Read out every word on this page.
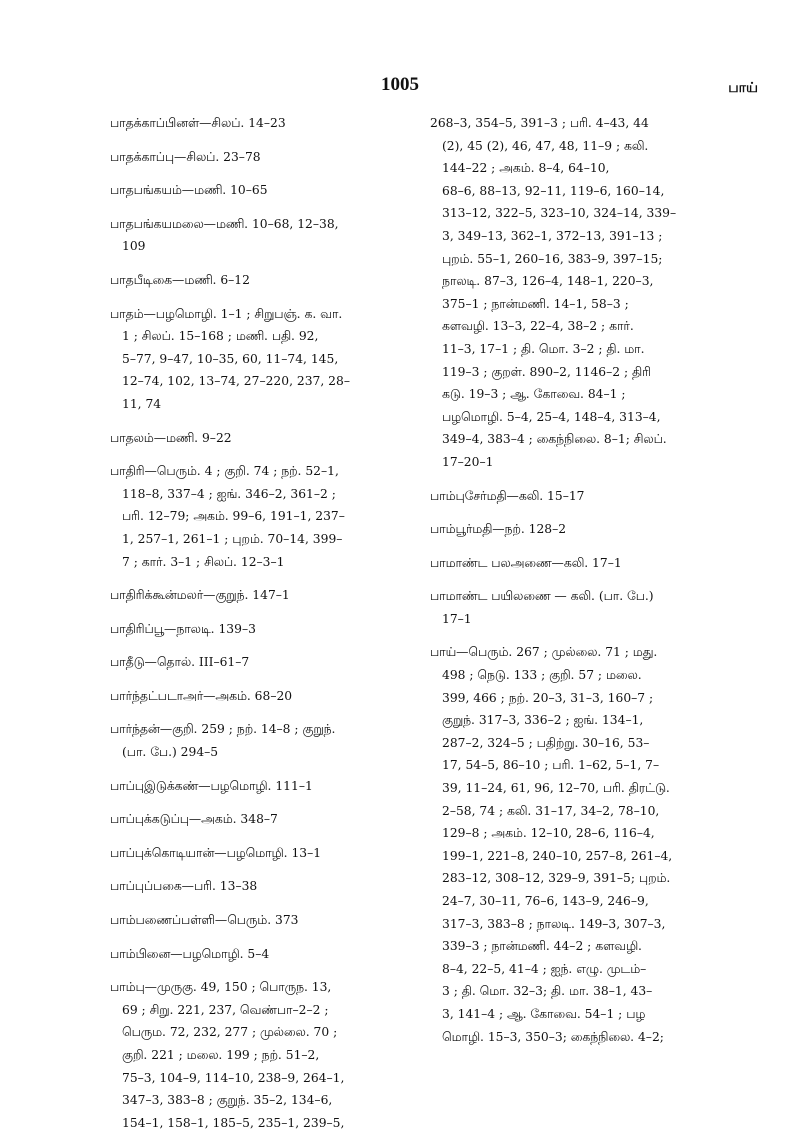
1005	பாய்
பாதக்காப்பினள்—சிலப். 14–23
பாதக்காப்பு—சிலப். 23–78
பாதபங்கயம்—மணி. 10–65
பாதபங்கயமலை—மணி. 10–68, 12–38,
109
பாதபீடிகை—மணி. 6–12
பாதம்—பழமொழி. 1–1 ; சிறுபஞ். க. வா.
1 ; சிலப். 15–168 ; மணி. பதி. 92,
5–77, 9–47, 10–35, 60, 11–74, 145,
12–74, 102, 13–74, 27–220, 237, 28–
11, 74
பாதலம்—மணி. 9–22
பாதிரி—பெரும். 4 ; குறி. 74 ; நற். 52–1,
118–8, 337–4 ; ஐங். 346–2, 361–2 ;
பரி. 12–79; அகம். 99–6, 191–1, 237–
1, 257–1, 261–1 ; புறம். 70–14, 399–
7 ; கார். 3–1 ; சிலப். 12–3–1
பாதிரிக்கூன்மலர்—குறுந். 147–1
பாதிரிப்பூ—நாலடி. 139–3
பாதீடு—தொல். III–61–7
பார்ந்தட்படாஅர்—அகம். 68–20
பார்ந்தன்—குறி. 259 ; நற். 14–8 ; குறுந்.
(பா. பே.) 294–5
பாப்புஇடுக்கண்—பழமொழி. 111–1
பாப்புக்கடுப்பு—அகம். 348–7
பாப்புக்கொடியான்—பழமொழி. 13–1
பாப்புப்பகை—பரி. 13–38
பாம்பணைப்பள்ளி—பெரும். 373
பாம்பினை—பழமொழி. 5–4
பாம்பு—முருகு. 49, 150 ; பொருந. 13,
69 ; சிறு. 221, 237, வெண்பா–2–2 ;
பெரும. 72, 232, 277 ; முல்லை. 70 ;
குறி. 221 ; மலை. 199 ; நற். 51–2,
75–3, 104–9, 114–10, 238–9, 264–1,
347–3, 383–8 ; குறுந். 35–2, 134–6,
154–1, 158–1, 185–5, 235–1, 239–5,
268–3, 354–5, 391–3 ; பரி. 4–43, 44
(2), 45 (2), 46, 47, 48, 11–9 ; கலி.
144–22 ; அகம். 8–4, 64–10,
68–6, 88–13, 92–11, 119–6, 160–14,
313–12, 322–5, 323–10, 324–14, 339–
3, 349–13, 362–1, 372–13, 391–13 ;
புறம். 55–1, 260–16, 383–9, 397–15;
நாலடி. 87–3, 126–4, 148–1, 220–3,
375–1 ; நான்மணி. 14–1, 58–3 ;
களவழி. 13–3, 22–4, 38–2 ; கார்.
11–3, 17–1 ; தி. மொ. 3–2 ; தி. மா.
119–3 ; குறள். 890–2, 1146–2 ; திரி
கடு. 19–3 ; ஆ. கோவை. 84–1 ;
பழமொழி. 5–4, 25–4, 148–4, 313–4,
349–4, 383–4 ; கைந்நிலை. 8–1; சிலப்.
17–20–1
பாம்புசேர்மதி—கலி. 15–17
பாம்பூர்மதி—நற். 128–2
பாமாண்ட பலஅணை—கலி. 17–1
பாமாண்ட பயிலணை — கலி. (பா. பே.)
17–1
பாய்—பெரும். 267 ; முல்லை. 71 ; மது.
498 ; நெடு. 133 ; குறி. 57 ; மலை.
399, 466 ; நற். 20–3, 31–3, 160–7 ;
குறுந். 317–3, 336–2 ; ஐங். 134–1,
287–2, 324–5 ; பதிற்று. 30–16, 53–
17, 54–5, 86–10 ; பரி. 1–62, 5–1, 7–
39, 11–24, 61, 96, 12–70, பரி. திரட்டு.
2–58, 74 ; கலி. 31–17, 34–2, 78–10,
129–8 ; அகம். 12–10, 28–6, 116–4,
199–1, 221–8, 240–10, 257–8, 261–4,
283–12, 308–12, 329–9, 391–5; புறம்.
24–7, 30–11, 76–6, 143–9, 246–9,
317–3, 383–8 ; நாலடி. 149–3, 307–3,
339–3 ; நான்மணி. 44–2 ; களவழி.
8–4, 22–5, 41–4 ; ஐந். எழு. முடம்–
3 ; தி. மொ. 32–3; தி. மா. 38–1, 43–
3, 141–4 ; ஆ. கோவை. 54–1 ; பழ
மொழி. 15–3, 350–3; கைந்நிலை. 4–2;
